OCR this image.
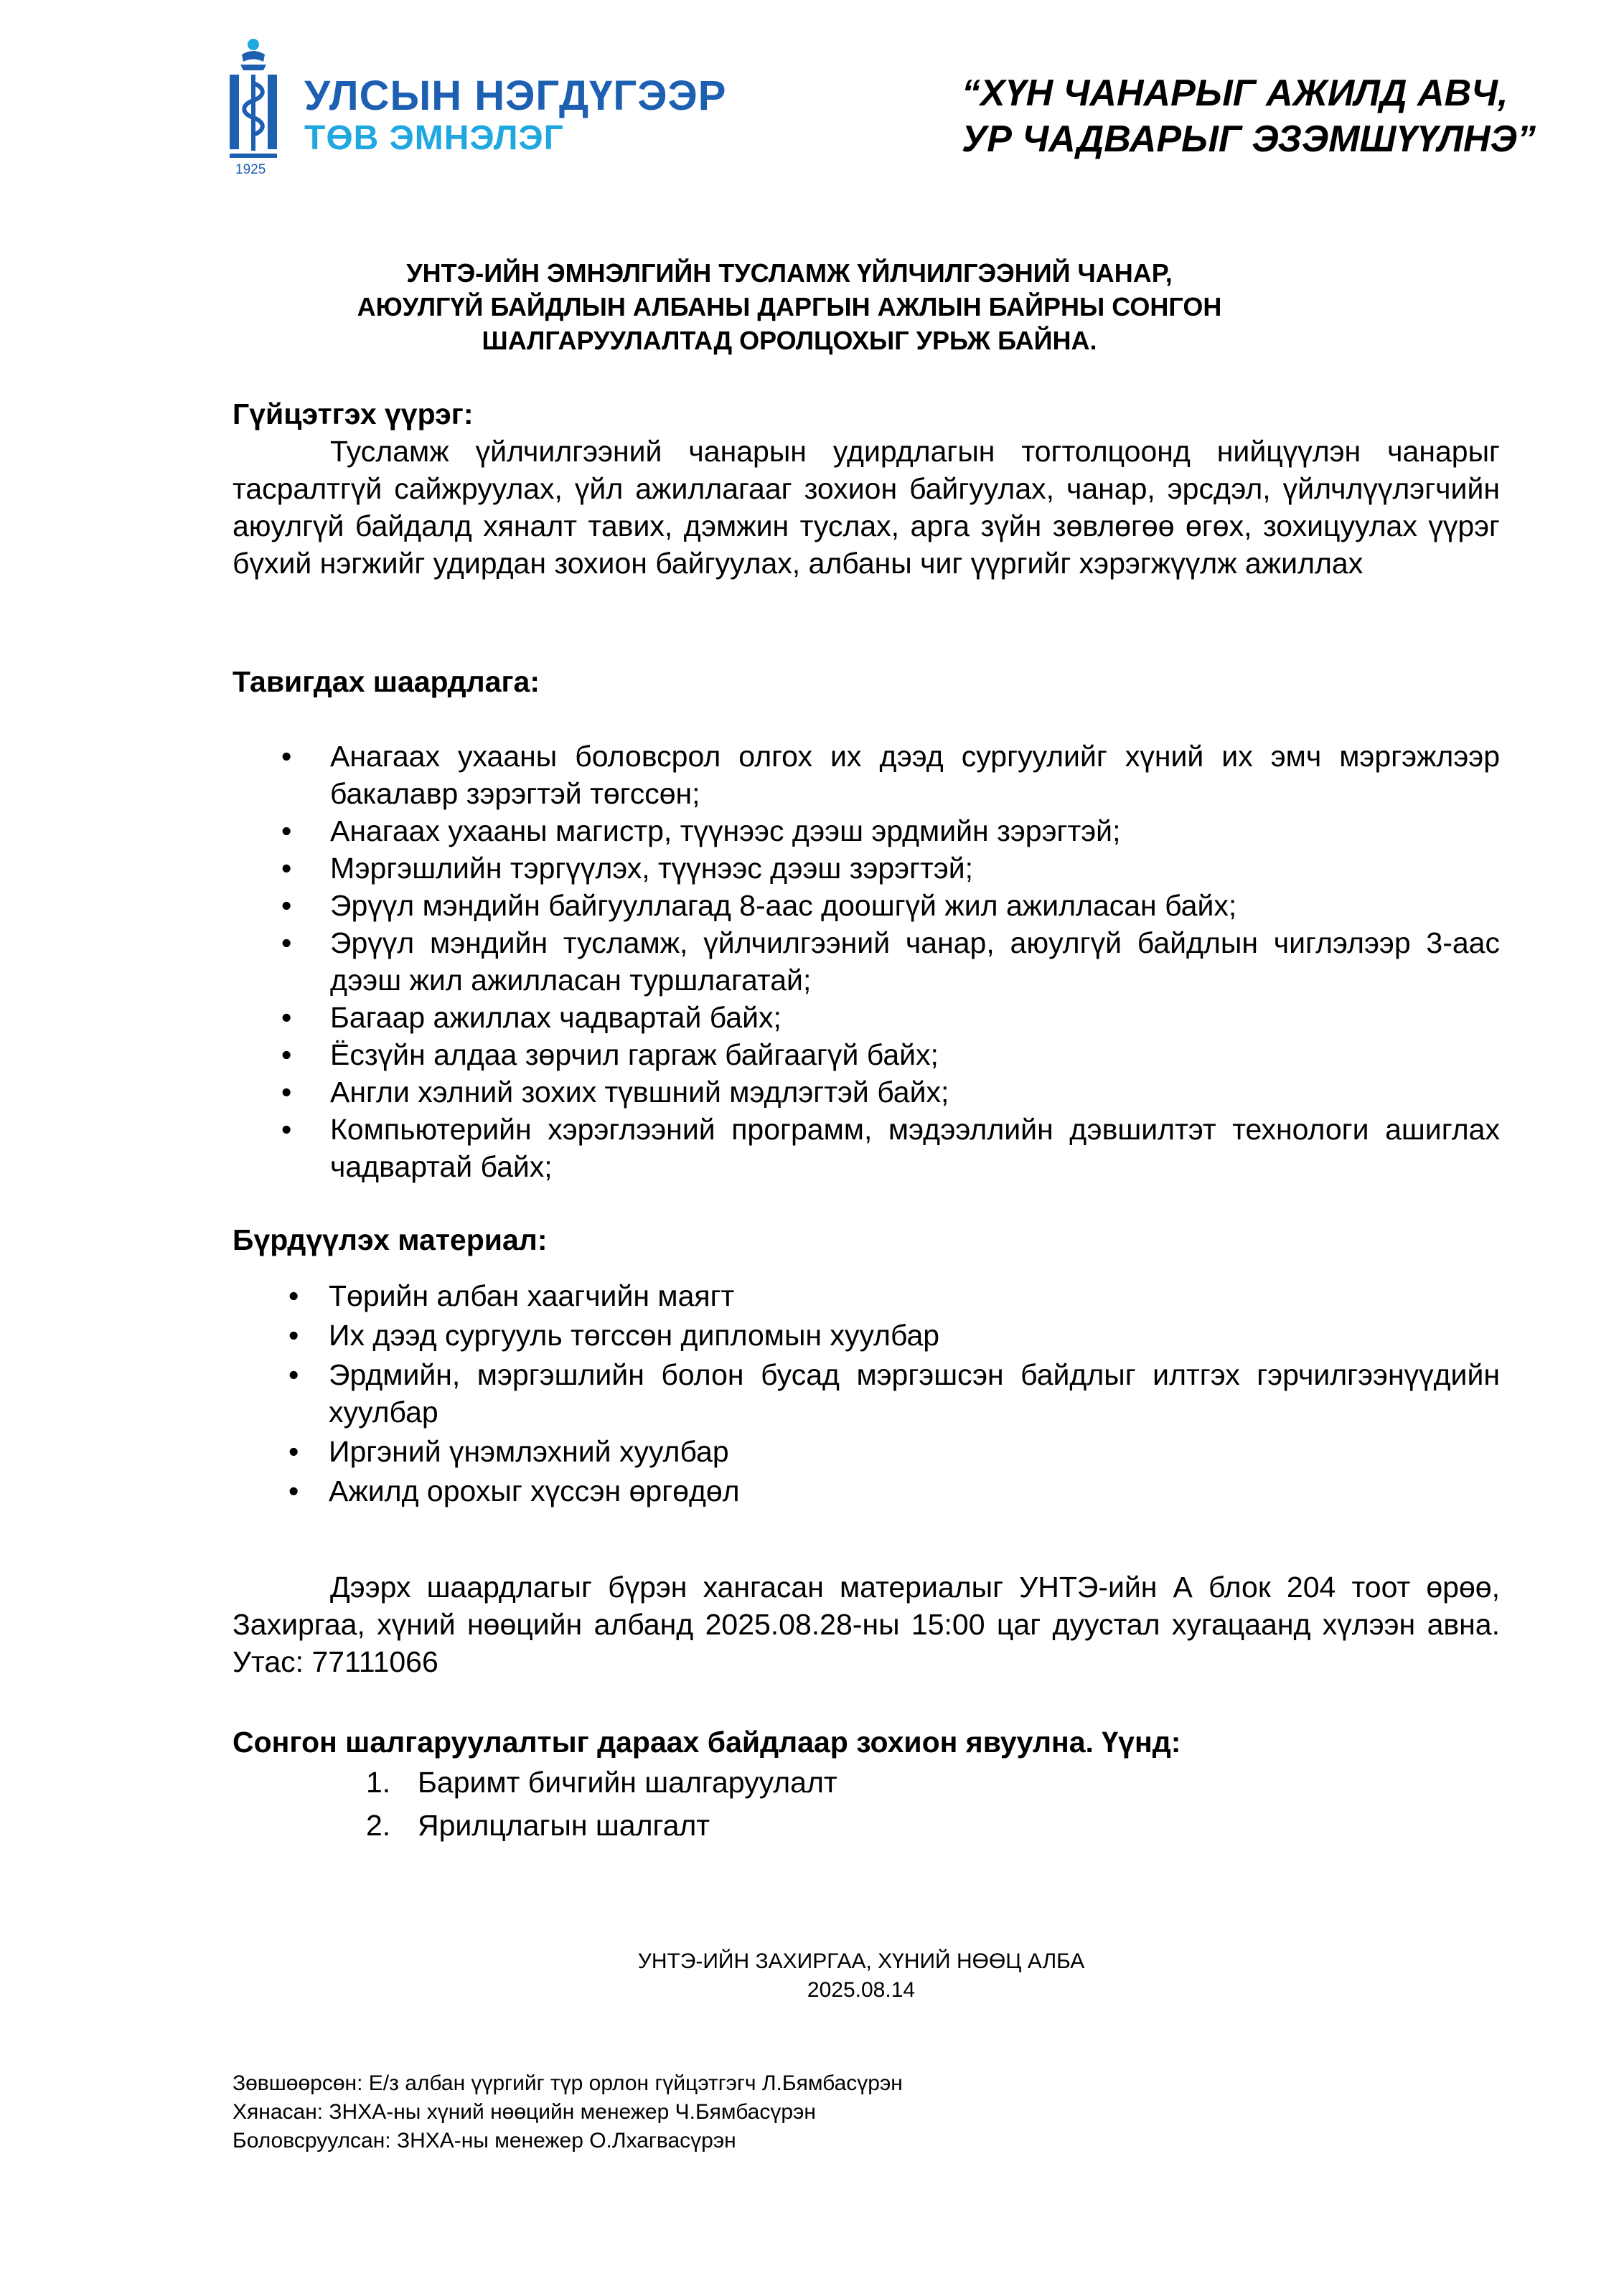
УЛСЫН НЭГДҮГЭЭР
ТӨВ ЭМНЭЛЭГ
1925
“ХҮН ЧАНАРЫГ АЖИЛД АВЧ,
УР ЧАДВАРЫГ ЭЗЭМШҮҮЛНЭ”
УНТЭ-ИЙН ЭМНЭЛГИЙН ТУСЛАМЖ ҮЙЛЧИЛГЭЭНИЙ ЧАНАР,
АЮУЛГҮЙ БАЙДЛЫН АЛБАНЫ ДАРГЫН АЖЛЫН БАЙРНЫ СОНГОН
ШАЛГАРУУЛАЛТАД ОРОЛЦОХЫГ УРЬЖ БАЙНА.
Гүйцэтгэх үүрэг:
Тусламж үйлчилгээний чанарын удирдлагын тогтолцоонд нийцүүлэн чанарыг тасралтгүй сайжруулах, үйл ажиллагааг зохион байгуулах, чанар, эрсдэл, үйлчлүүлэгчийн аюулгүй байдалд хяналт тавих, дэмжин туслах, арга зүйн зөвлөгөө өгөх, зохицуулах үүрэг бүхий нэгжийг удирдан зохион байгуулах, албаны чиг үүргийг хэрэгжүүлж ажиллах
Тавигдах шаардлага:
• Анагаах ухааны боловсрол олгох их дээд сургуулийг хүний их эмч мэргэжлээр бакалавр зэрэгтэй төгссөн;
• Анагаах ухааны магистр, түүнээс дээш эрдмийн зэрэгтэй;
• Мэргэшлийн тэргүүлэх, түүнээс дээш зэрэгтэй;
• Эрүүл мэндийн байгууллагад 8-аас доошгүй жил ажилласан байх;
• Эрүүл мэндийн тусламж, үйлчилгээний чанар, аюулгүй байдлын чиглэлээр 3-аас дээш жил ажилласан туршлагатай;
• Багаар ажиллах чадвартай байх;
• Ёсзүйн алдаа зөрчил гаргаж байгаагүй байх;
• Англи хэлний зохих түвшний мэдлэгтэй байх;
• Компьютерийн хэрэглээний программ, мэдээллийн дэвшилтэт технологи ашиглах чадвартай байх;
Бүрдүүлэх материал:
• Төрийн албан хаагчийн маягт
• Их дээд сургууль төгссөн дипломын хуулбар
• Эрдмийн, мэргэшлийн болон бусад мэргэшсэн байдлыг илтгэх гэрчилгээнүүдийн хуулбар
• Иргэний үнэмлэхний хуулбар
• Ажилд орохыг хүссэн өргөдөл
Дээрх шаардлагыг бүрэн хангасан материалыг УНТЭ-ийн А блок 204 тоот өрөө, Захиргаа, хүний нөөцийн албанд 2025.08.28-ны 15:00 цаг дуустал хугацаанд хүлээн авна. Утас: 77111066
Сонгон шалгаруулалтыг дараах байдлаар зохион явуулна. Үүнд:
1. Баримт бичгийн шалгаруулалт
2. Ярилцлагын шалгалт
УНТЭ-ИЙН ЗАХИРГАА, ХҮНИЙ НӨӨЦ АЛБА
2025.08.14
Зөвшөөрсөн: Е/з албан үүргийг түр орлон гүйцэтгэгч Л.Бямбасүрэн
Хянасан: ЗНХА-ны хүний нөөцийн менежер Ч.Бямбасүрэн
Боловсруулсан: ЗНХА-ны менежер О.Лхагвасүрэн
